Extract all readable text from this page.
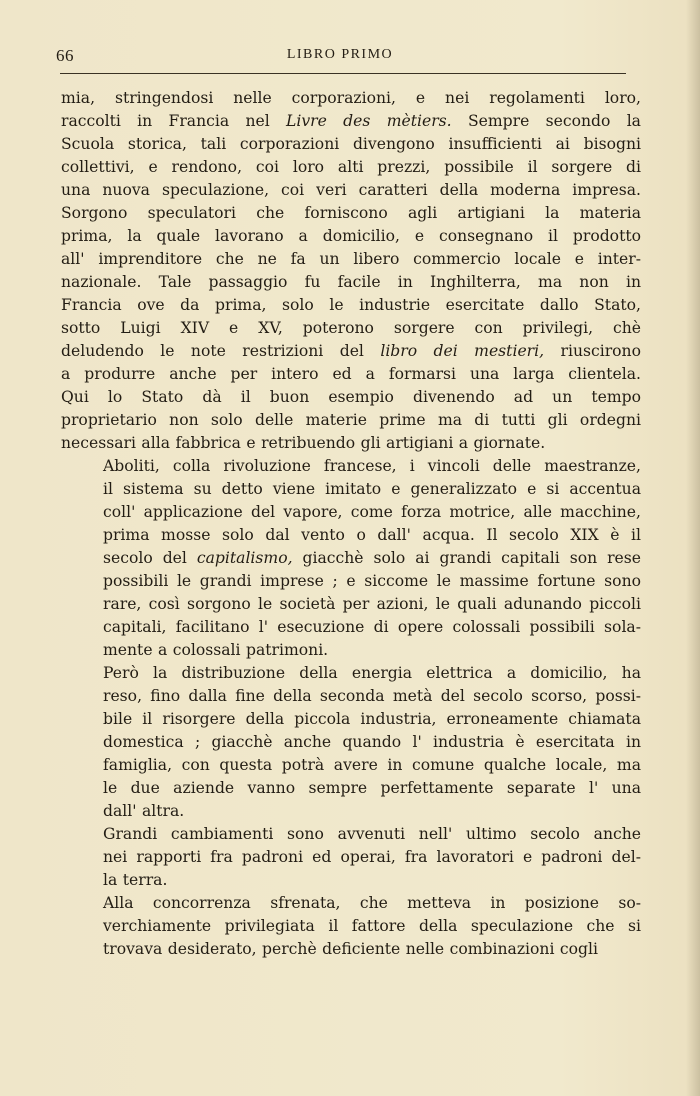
66	LIBRO PRIMO

mia, stringendosi nelle corporazioni, e nei regolamenti loro,
raccolti in Francia nel Livre des mètiers. Sempre secondo la
Scuola storica, tali corporazioni divengono insufficienti ai bisogni
collettivi, e rendono, coi loro alti prezzi, possibile il sorgere di
una nuova speculazione, coi veri caratteri della moderna impresa.
Sorgono speculatori che forniscono agli artigiani la materia
prima, la quale lavorano a domicilio, e consegnano il prodotto
all' imprenditore che ne fa un libero commercio locale e inter-
nazionale. Tale passaggio fu facile in Inghilterra, ma non in
Francia ove da prima, solo le industrie esercitate dallo Stato,
sotto Luigi XIV e XV, poterono sorgere con privilegi, chè
deludendo le note restrizioni del libro dei mestieri, riuscirono
a produrre anche per intero ed a formarsi una larga clientela.
Qui lo Stato dà il buon esempio divenendo ad un tempo
proprietario non solo delle materie prime ma di tutti gli ordegni
necessari alla fabbrica e retribuendo gli artigiani a giornate.

Aboliti, colla rivoluzione francese, i vincoli delle maestranze,
il sistema su detto viene imitato e generalizzato e si accentua
coll' applicazione del vapore, come forza motrice, alle macchine,
prima mosse solo dal vento o dall' acqua. Il secolo XIX è il
secolo del capitalismo, giacchè solo ai grandi capitali son rese
possibili le grandi imprese ; e siccome le massime fortune sono
rare, così sorgono le società per azioni, le quali adunando piccoli
capitali, facilitano l' esecuzione di opere colossali possibili sola-
mente a colossali patrimoni.

Però la distribuzione della energia elettrica a domicilio, ha
reso, fino dalla fine della seconda metà del secolo scorso, possi-
bile il risorgere della piccola industria, erroneamente chiamata
domestica ; giacchè anche quando l' industria è esercitata in
famiglia, con questa potrà avere in comune qualche locale, ma
le due aziende vanno sempre perfettamente separate l' una
dall' altra.

Grandi cambiamenti sono avvenuti nell' ultimo secolo anche
nei rapporti fra padroni ed operai, fra lavoratori e padroni del-
la terra.

Alla concorrenza sfrenata, che metteva in posizione so-
verchiamente privilegiata il fattore della speculazione che si
trovava desiderato, perchè deficiente nelle combinazioni cogli
